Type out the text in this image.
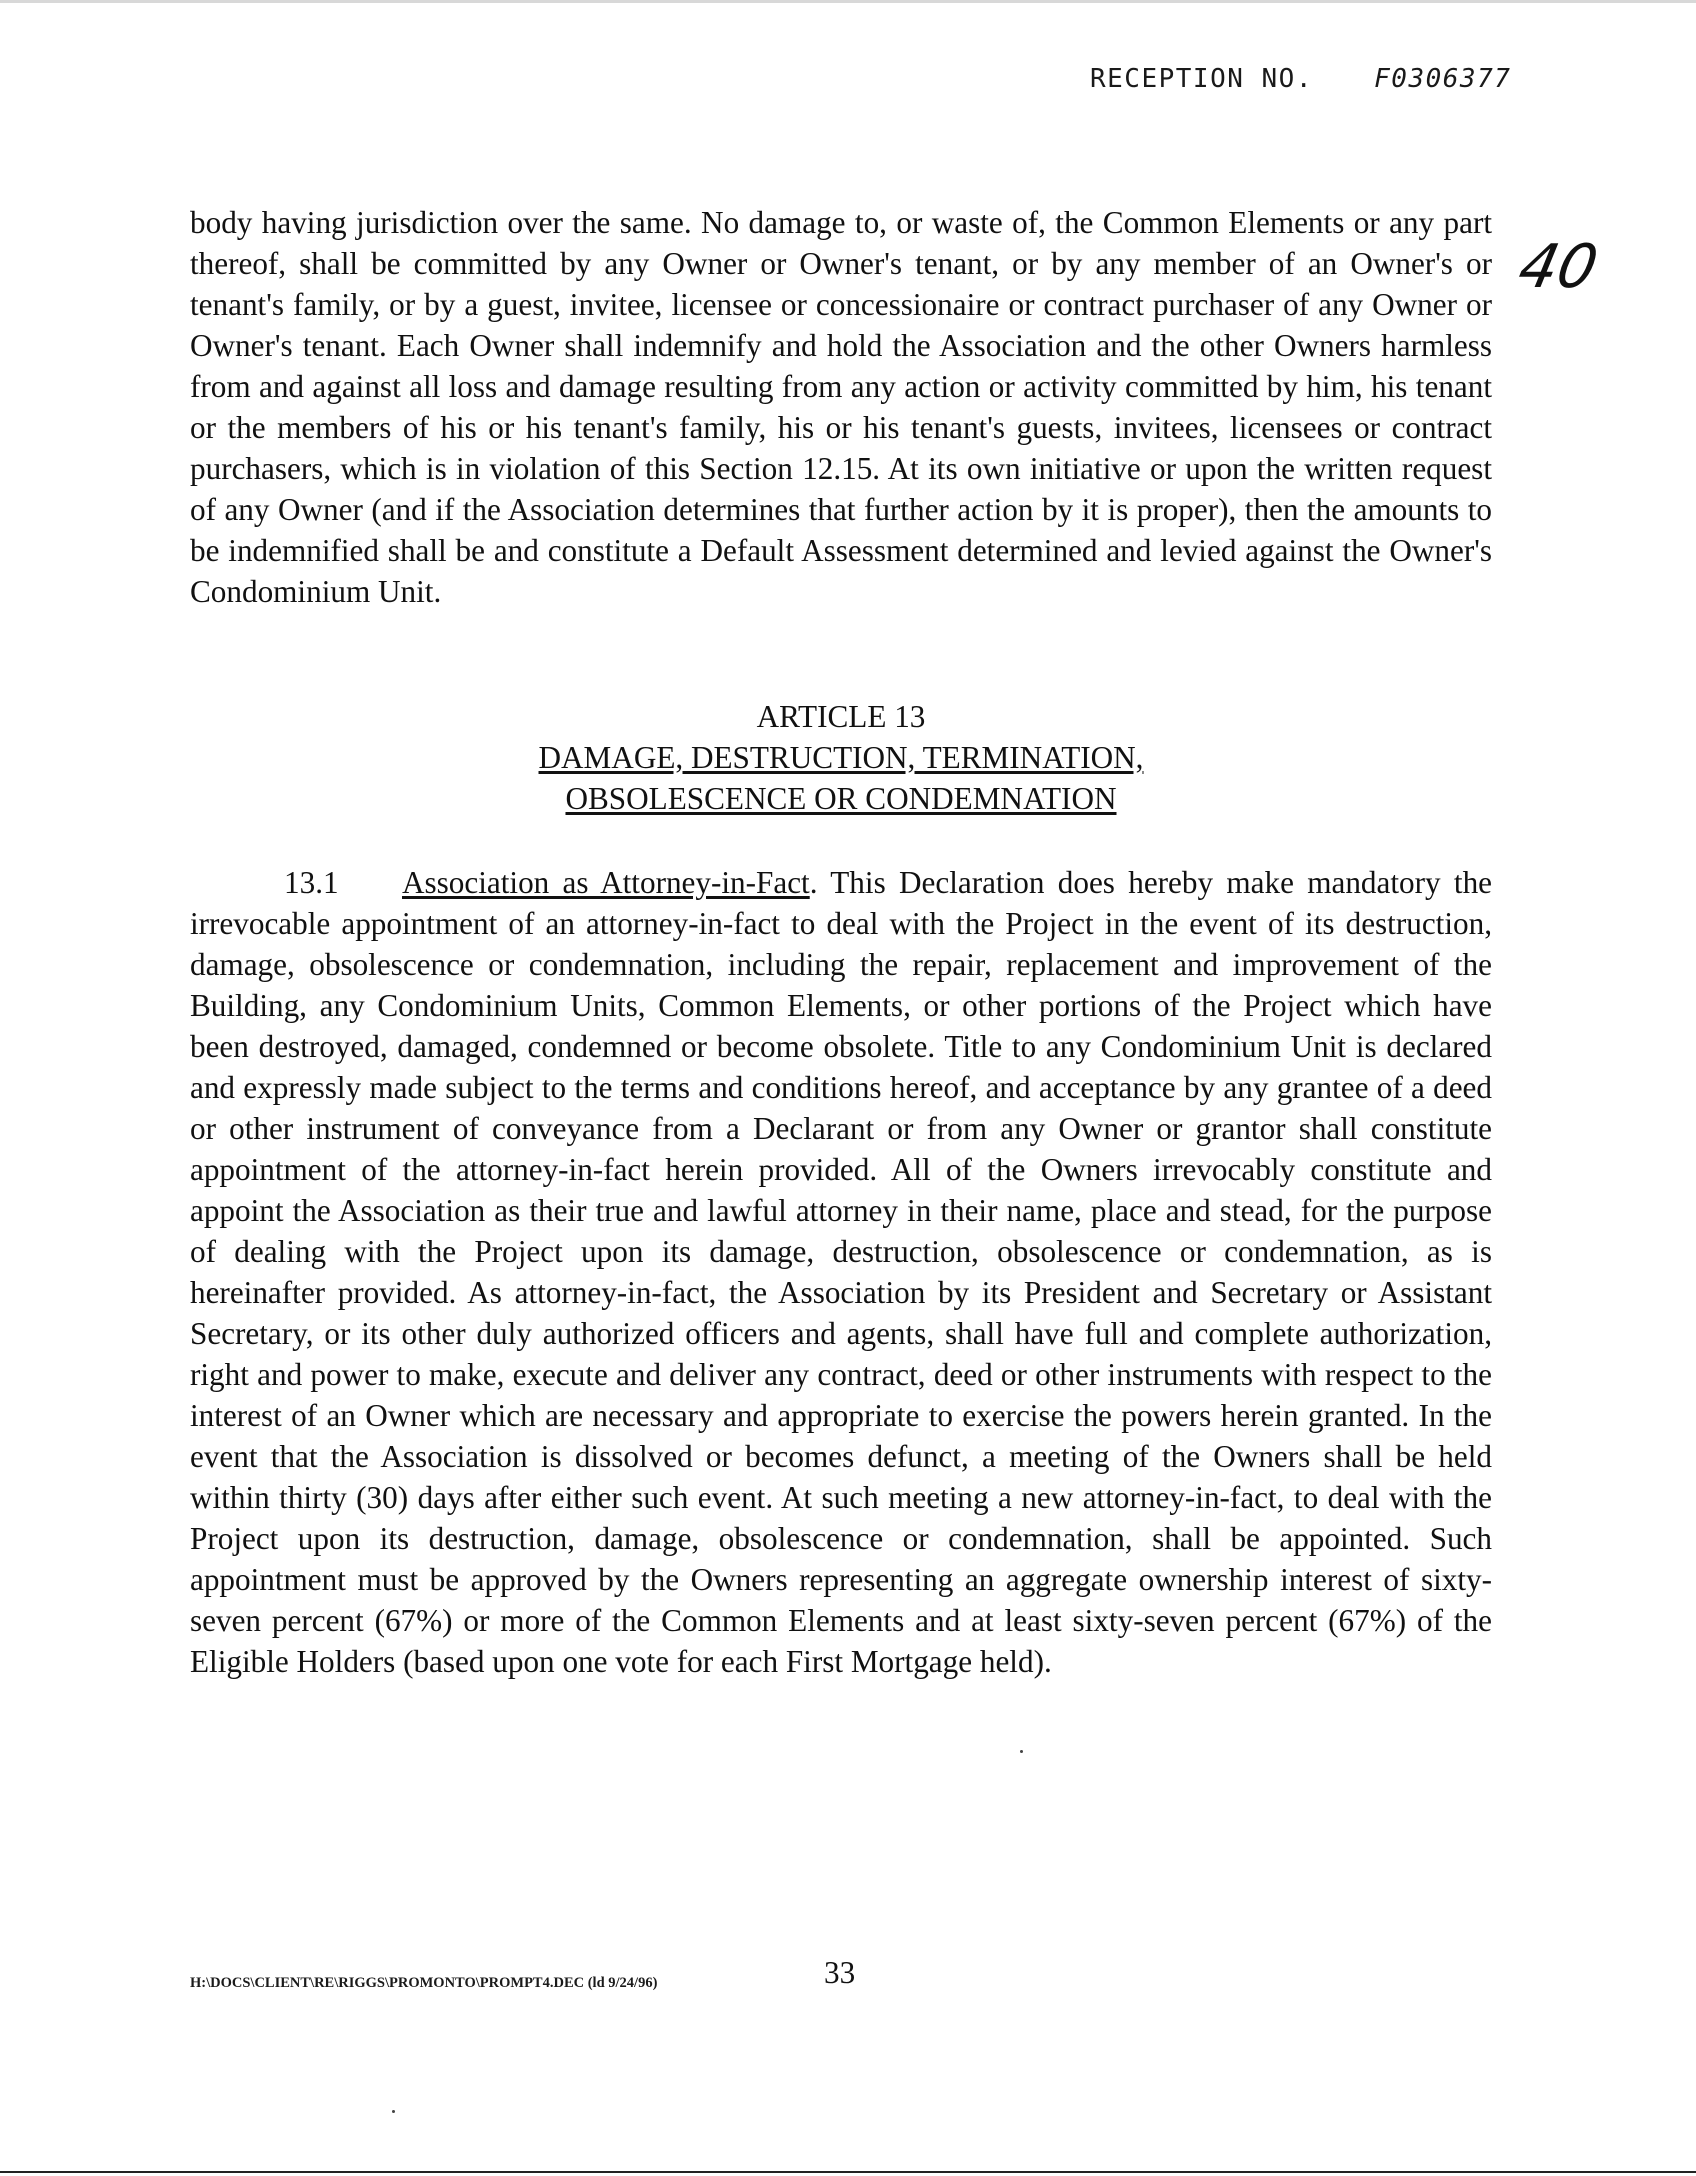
RECEPTION NO. F0306377
40

body having jurisdiction over the same. No damage to, or waste of, the Common Elements or any part thereof, shall be committed by any Owner or Owner's tenant, or by any member of an Owner's or tenant's family, or by a guest, invitee, licensee or concessionaire or contract purchaser of any Owner or Owner's tenant. Each Owner shall indemnify and hold the Association and the other Owners harmless from and against all loss and damage resulting from any action or activity committed by him, his tenant or the members of his or his tenant's family, his or his tenant's guests, invitees, licensees or contract purchasers, which is in violation of this Section 12.15. At its own initiative or upon the written request of any Owner (and if the Association determines that further action by it is proper), then the amounts to be indemnified shall be and constitute a Default Assessment determined and levied against the Owner's Condominium Unit.

ARTICLE 13
DAMAGE, DESTRUCTION, TERMINATION,
OBSOLESCENCE OR CONDEMNATION

13.1 Association as Attorney-in-Fact. This Declaration does hereby make mandatory the irrevocable appointment of an attorney-in-fact to deal with the Project in the event of its destruction, damage, obsolescence or condemnation, including the repair, replacement and improvement of the Building, any Condominium Units, Common Elements, or other portions of the Project which have been destroyed, damaged, condemned or become obsolete. Title to any Condominium Unit is declared and expressly made subject to the terms and conditions hereof, and acceptance by any grantee of a deed or other instrument of conveyance from a Declarant or from any Owner or grantor shall constitute appointment of the attorney-in-fact herein provided. All of the Owners irrevocably constitute and appoint the Association as their true and lawful attorney in their name, place and stead, for the purpose of dealing with the Project upon its damage, destruction, obsolescence or condemnation, as is hereinafter provided. As attorney-in-fact, the Association by its President and Secretary or Assistant Secretary, or its other duly authorized officers and agents, shall have full and complete authorization, right and power to make, execute and deliver any contract, deed or other instruments with respect to the interest of an Owner which are necessary and appropriate to exercise the powers herein granted. In the event that the Association is dissolved or becomes defunct, a meeting of the Owners shall be held within thirty (30) days after either such event. At such meeting a new attorney-in-fact, to deal with the Project upon its destruction, damage, obsolescence or condemnation, shall be appointed. Such appointment must be approved by the Owners representing an aggregate ownership interest of sixty-seven percent (67%) or more of the Common Elements and at least sixty-seven percent (67%) of the Eligible Holders (based upon one vote for each First Mortgage held).

H:\DOCS\CLIENT\RE\RIGGS\PROMONTO\PROMPT4.DEC (ld 9/24/96)	33
